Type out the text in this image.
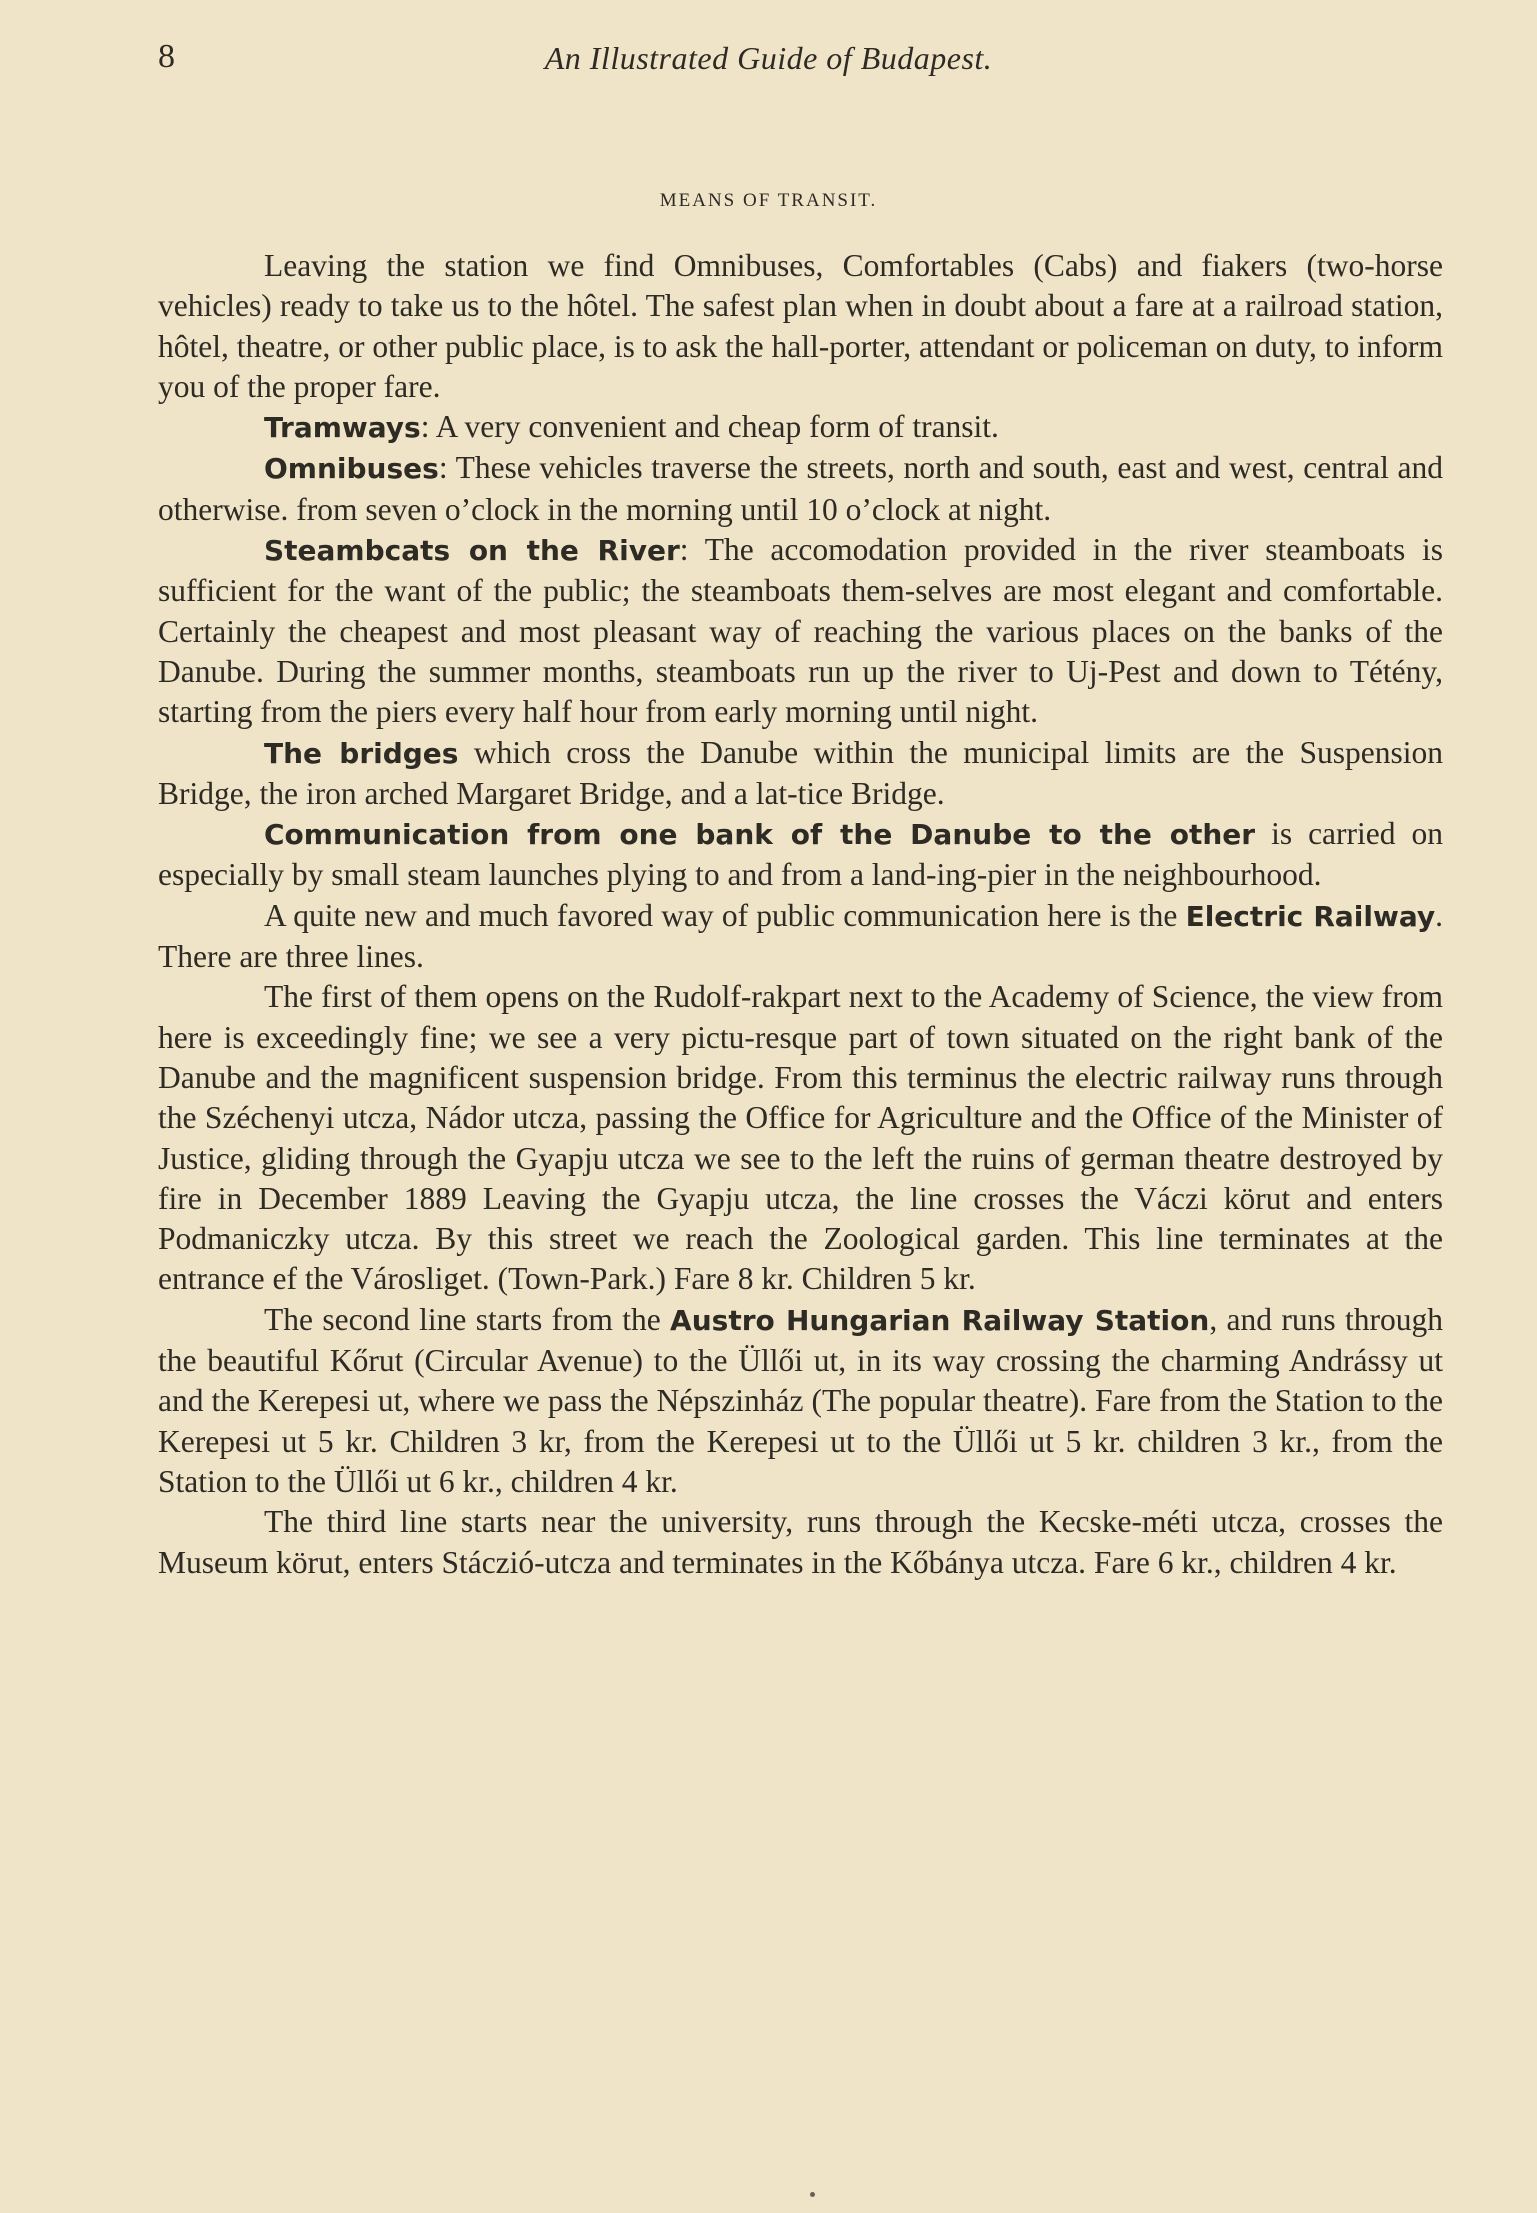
8	An Illustrated Guide of Budapest.
MEANS OF TRANSIT.

Leaving the station we find Omnibuses, Comfortables (Cabs) and fiakers (two-horse vehicles) ready to take us to the hôtel. The safest plan when in doubt about a fare at a railroad station, hôtel, theatre, or other public place, is to ask the hall-porter, attendant or policeman on duty, to inform you of the proper fare.

Tramways: A very convenient and cheap form of transit.

Omnibuses: These vehicles traverse the streets, north and south, east and west, central and otherwise. from seven o’clock in the morning until 10 o’clock at night.

Steambcats on the River: The accomodation provided in the river steamboats is sufficient for the want of the public; the steamboats them-selves are most elegant and comfortable. Certainly the cheapest and most pleasant way of reaching the various places on the banks of the Danube. During the summer months, steamboats run up the river to Uj-Pest and down to Tétény, starting from the piers every half hour from early morning until night.

The bridges which cross the Danube within the municipal limits are the Suspension Bridge, the iron arched Margaret Bridge, and a lat-tice Bridge.

Communication from one bank of the Danube to the other is carried on especially by small steam launches plying to and from a land-ing-pier in the neighbourhood.

A quite new and much favored way of public communication here is the Electric Railway. There are three lines.

The first of them opens on the Rudolf-rakpart next to the Academy of Science, the view from here is exceedingly fine; we see a very pictu-resque part of town situated on the right bank of the Danube and the magnificent suspension bridge. From this terminus the electric railway runs through the Széchenyi utcza, Nádor utcza, passing the Office for Agriculture and the Office of the Minister of Justice, gliding through the Gyapju utcza we see to the left the ruins of german theatre destroyed by fire in December 1889 Leaving the Gyapju utcza, the line crosses the Váczi körut and enters Podmaniczky utcza. By this street we reach the Zoological garden. This line terminates at the entrance ef the Városliget. (Town-Park.) Fare 8 kr. Children 5 kr.

The second line starts from the Austro Hungarian Railway Station, and runs through the beautiful Kőrut (Circular Avenue) to the Üllői ut, in its way crossing the charming Andrássy ut and the Kerepesi ut, where we pass the Népszinház (The popular theatre). Fare from the Station to the Kerepesi ut 5 kr. Children 3 kr, from the Kerepesi ut to the Üllői ut 5 kr. children 3 kr., from the Station to the Üllői ut 6 kr., children 4 kr.

The third line starts near the university, runs through the Kecske-méti utcza, crosses the Museum körut, enters Stáczió-utcza and terminates in the Kőbánya utcza. Fare 6 kr., children 4 kr.
